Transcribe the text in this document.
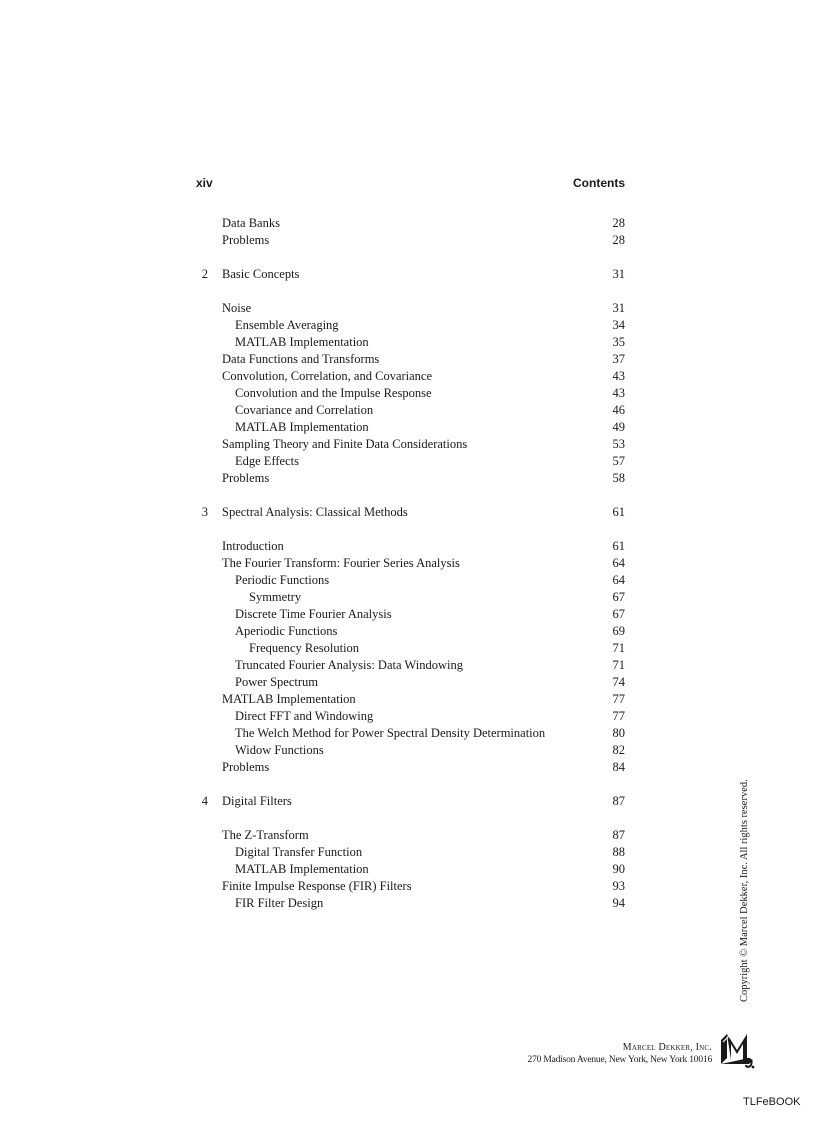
xiv	Contents
Data Banks	28
Problems	28
2 Basic Concepts	31
Noise	31
Ensemble Averaging	34
MATLAB Implementation	35
Data Functions and Transforms	37
Convolution, Correlation, and Covariance	43
Convolution and the Impulse Response	43
Covariance and Correlation	46
MATLAB Implementation	49
Sampling Theory and Finite Data Considerations	53
Edge Effects	57
Problems	58
3 Spectral Analysis: Classical Methods	61
Introduction	61
The Fourier Transform: Fourier Series Analysis	64
Periodic Functions	64
Symmetry	67
Discrete Time Fourier Analysis	67
Aperiodic Functions	69
Frequency Resolution	71
Truncated Fourier Analysis: Data Windowing	71
Power Spectrum	74
MATLAB Implementation	77
Direct FFT and Windowing	77
The Welch Method for Power Spectral Density Determination	80
Widow Functions	82
Problems	84
4 Digital Filters	87
The Z-Transform	87
Digital Transfer Function	88
MATLAB Implementation	90
Finite Impulse Response (FIR) Filters	93
FIR Filter Design	94	Copyright © Marcel Dekker, Inc. All rights reserved.
Marcel Dekker, Inc.
270 Madison Avenue, New York, New York 10016
TLFeBOOK
